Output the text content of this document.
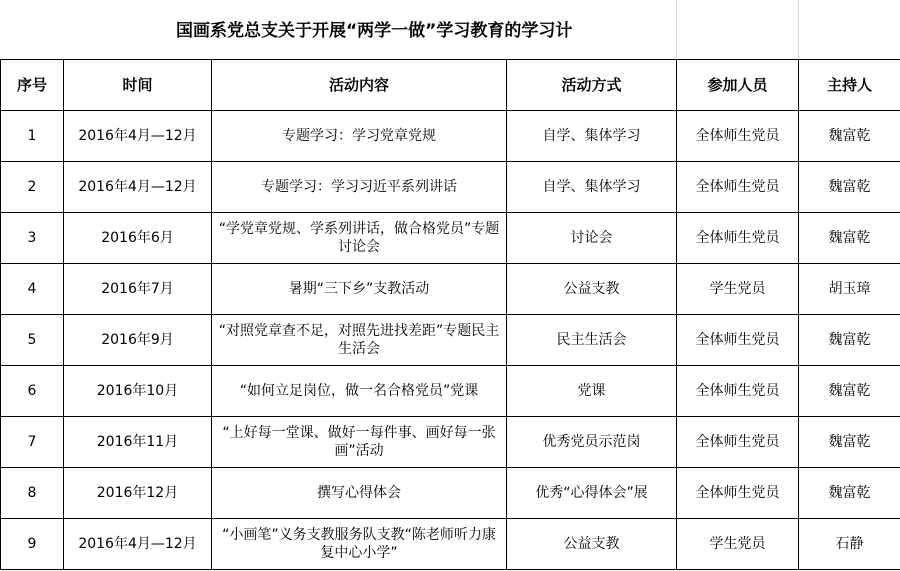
国画系党总支关于开展“两学一做”学习教育的学习计
序号	时间	活动内容	活动方式	参加人员	主持人
1	2016年4月—12月	专题学习：学习党章党规	自学、集体学习	全体师生党员	魏富乾
2	2016年4月—12月	专题学习：学习习近平系列讲话	自学、集体学习	全体师生党员	魏富乾
3	2016年6月	“学党章党规、学系列讲话，做合格党员”专题讨论会	讨论会	全体师生党员	魏富乾
4	2016年7月	暑期“三下乡”支教活动	公益支教	学生党员	胡玉璋
5	2016年9月	“对照党章查不足，对照先进找差距”专题民主生活会	民主生活会	全体师生党员	魏富乾
6	2016年10月	“如何立足岗位，做一名合格党员”党课	党课	全体师生党员	魏富乾
7	2016年11月	“上好每一堂课、做好一每件事、画好每一张画”活动	优秀党员示范岗	全体师生党员	魏富乾
8	2016年12月	撰写心得体会	优秀“心得体会”展	全体师生党员	魏富乾
9	2016年4月—12月	“小画笔”义务支教服务队支教“陈老师听力康复中心小学”	公益支教	学生党员	石静
